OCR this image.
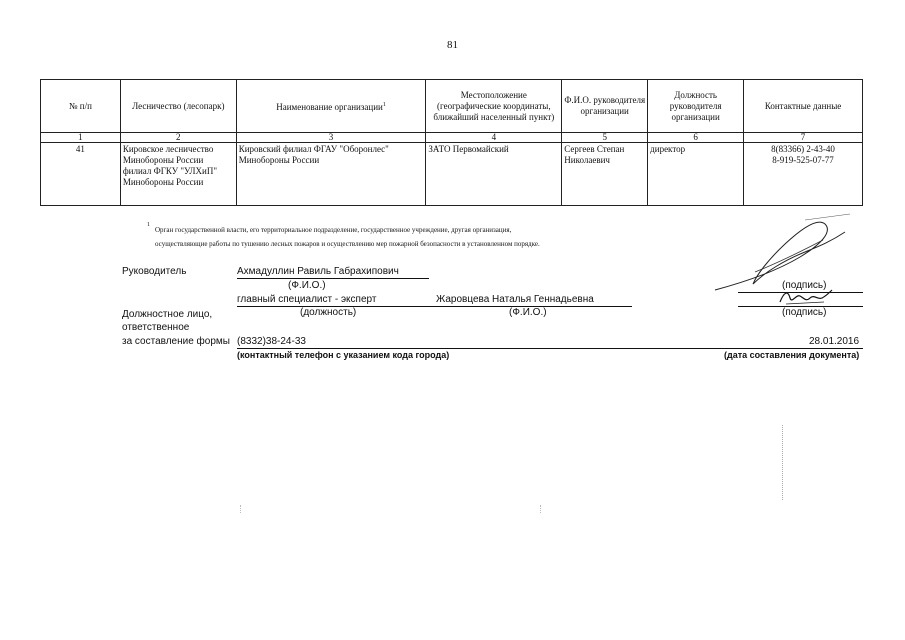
81
№ п/п	Лесничество (лесопарк)	Наименование организации$^1$	Местоположение (географические координаты, ближайший населенный пункт)	Ф.И.О. руководителя организации	Должность руководителя организации	Контактные данные
1	2	3	4	5	6	7
41	Кировское лесничество Минобороны России филиал ФГКУ "УЛХиП" Минобороны России	Кировский филиал ФГАУ "Оборонлес" Минобороны России	ЗАТО Первомайский	Сергеев Степан Николаевич	директор	8(83366) 2-43-40
8-919-525-07-77
1
Орган государственной власти, его территориальное подразделение, государственное учреждение, другая организация,
осуществляющие работы по тушению лесных пожаров и осуществлению мер пожарной безопасности в установленном порядке.
Руководитель	Ахмадуллин Равиль Габрахипович
(Ф.И.О.)	(подпись)
главный специалист - эксперт	Жаровцева Наталья Геннадьевна
Должностное лицо,
ответственное
за составление формы
(должность)	(Ф.И.О.)	(подпись)
(8332)38-24-33	28.01.2016
(контактный телефон с указанием кода города)	(дата составления документа)
